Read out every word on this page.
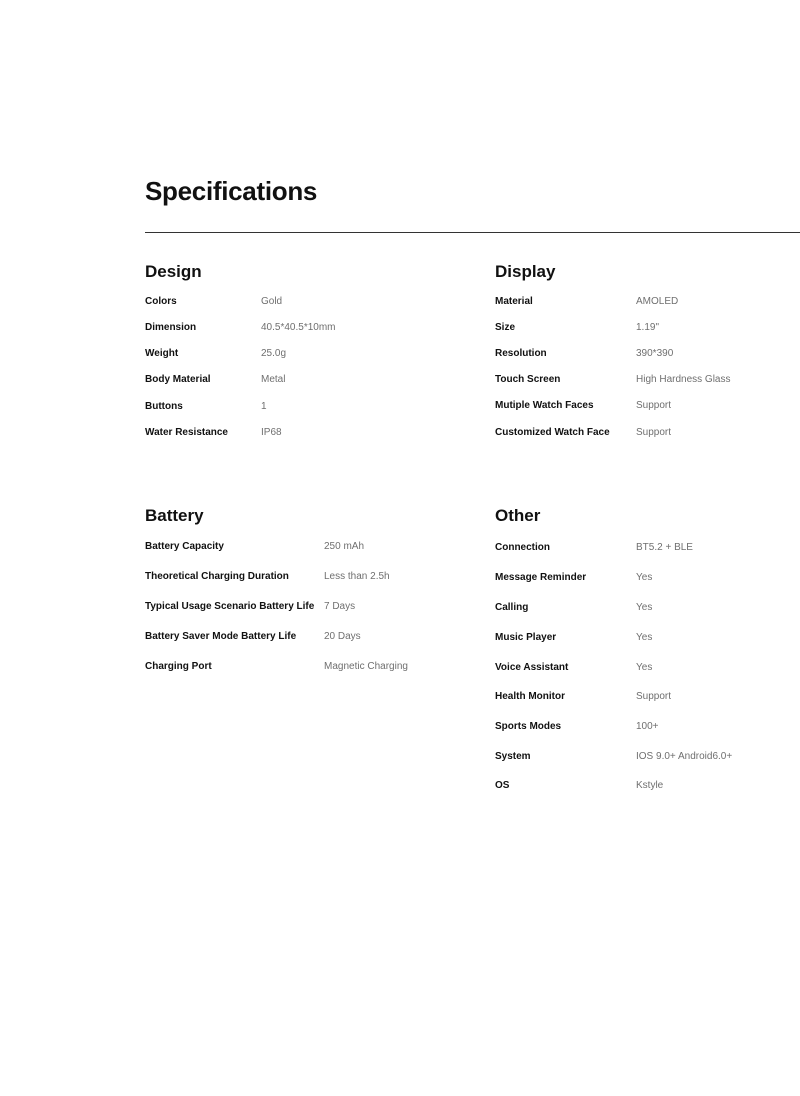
Specifications
Design
Colors	Gold
Dimension	40.5*40.5*10mm
Weight	25.0g
Body Material	Metal
Buttons	1
Water Resistance	IP68
Display
Material	AMOLED
Size	1.19"
Resolution	390*390
Touch Screen	High Hardness Glass
Mutiple Watch Faces	Support
Customized Watch Face	Support
Battery
Battery Capacity	250 mAh
Theoretical Charging Duration	Less than 2.5h
Typical Usage Scenario Battery Life 7 Days
Battery Saver Mode Battery Life	20 Days
Charging Port	Magnetic Charging
Other
Connection	BT5.2 + BLE
Message Reminder	Yes
Calling	Yes
Music Player	Yes
Voice Assistant	Yes
Health Monitor	Support
Sports Modes	100+
System	IOS 9.0+ Android6.0+
OS	Kstyle
